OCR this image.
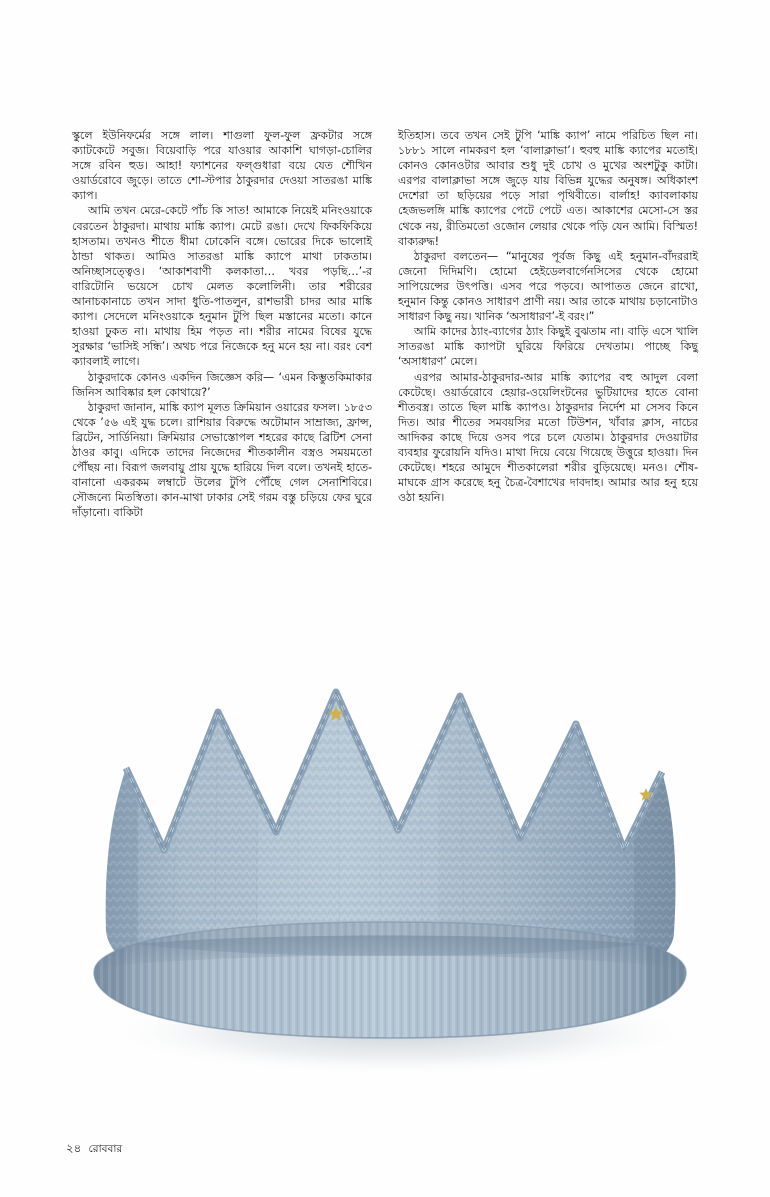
স্কুলে ইউনিফর্মের সঙ্গে লাল। শাগুলা ফুল-ফুল ফ্রকটার সঙ্গে ক্যাটকেটে সবুজ। বিয়েবাড়ি পরে যাওয়ার আকাশি ঘাগড়া-চোলির সঙ্গে রবিন হুড। আহা! ফ্যাশনের ফল্গুধারা বয়ে যেত শৌখিন ওয়ার্ডরোবে জুড়ে। তাতে শো-স্টপার ঠাকুরদার দেওয়া সাতরঙা মাঙ্কি ক্যাপ।

আমি তখন মেরে-কেটে পাঁচ কি সাত! আমাকে নিয়েই মনিংওয়াকে বেরতেন ঠাকুরদা। মাথায় মাঙ্কি ক্যাপ। মেটে রঙা। দেখে ফিকফিকিয়ে হাসতাম। তখনও শীতে ধীমা ঢোকেনি বঙ্গে। ভোরের দিকে ভালোই ঠান্ডা থাকত। আমিও সাতরঙা মাঙ্কি ক্যাপে মাথা ঢাকতাম। অনিচ্ছাসত্ত্বেও। ‘আকাশবাণী কলকাতা… খবর পড়ছি…’-র বারিটোনি ভয়েসে চোখ মেলত কলোলিনী। তার শরীরের আনাচকানাচে তখন সাদা ধুতি-পাতলুন, রাশভারী চাদর আর মাঙ্কি ক্যাপ। সেদেলে মনিংওয়াকে হনুমান টুপি ছিল মস্তানের মতো। কানে হাওয়া ঢুকত না। মাথায় হিম পড়ত না। শরীর নামের বিষের যুদ্ধে সুরক্ষার ‘ভাসিই সন্ধি’। অথচ পরে নিজেকে হনু মনে হয় না। বরং বেশ ক্যাবলাই লাগে।

ঠাকুরদাকে কোনও একদিন জিজ্ঞেস করি— ‘এমন কিম্ভুতকিমাকার জিনিস আবিষ্কার হল কোথায়ে?’

ঠাকুরদা জানান, মাঙ্কি ক্যাপ মূলত ক্রিমিয়ান ওয়ারের ফসল। ১৮৫৩ থেকে ’৫৬ এই যুদ্ধ চলে। রাশিয়ার বিরুদ্ধে অটোমান সাম্রাজ্য, ফ্রান্স, ব্রিটেন, সার্ডিনিয়া। ক্রিমিয়ার সেভাস্তোপল শহরের কাছে ব্রিটিশ সেনা ঠাওর কাবু। এদিকে তাদের নিজেদের শীতকালীন বস্ত্রও সময়মতো পৌঁছয় না। বিরূপ জলবায়ু প্রায় যুদ্ধে হারিয়ে দিল বলে। তখনই হাতে-বানানো একরকম লম্বাটে উলের টুপি পৌঁছে গেল সেনাশিবিরে। সৌজন্যে মিতস্বিতা। কান-মাথা ঢাকার সেই গরম বস্তু চড়িয়ে ফের ঘুরে দাঁড়ানো। বাকিটা

ইতিহাস। তবে তখন সেই টুপি ‘মাঙ্কি ক্যাপ’ নামে পরিচিত ছিল না। ১৮৮১ সালে নামকরণ হল ‘বালাক্লাভা’। হুবহু মাঙ্কি ক্যাপের মতোই। কোনও কোনওটার আবার শুধু দুই চোখ ও মুখের অংশটুকু কাটা। এরপর বালাক্লাভা সঙ্গে জুড়ে যায় বিভিন্ন যুদ্ধের অনুষঙ্গ। অধিকাংশ দেশেরা তা ছড়িয়ের পড়ে সারা পৃথিবীতে। বাৰ্লাহ! ক্যাবলাকায় হেজভলঙ্গি মাঙ্কি ক্যাপের পেটে পেটে এত। আকাশের মেসো-সে স্তর থেকে নয়, রীতিমতো ওজোন লেয়ার থেকে পড়ি যেন আমি। বিস্মিত! বাক্যরুদ্ধ!

ঠাকুরদা বলতেন— “মানুষের পূর্বজ কিছু এই হনুমান-বাঁদররাই জেনো দিদিমণি। হোমো হেইডেলবার্গেনসিসের থেকে হোমো সাপিয়েন্সের উৎপত্তি। এসব পরে পড়বে। আপাতত জেনে রাখো, হনুমান কিন্তু কোনও সাধারণ প্রাণী নয়। আর তাকে মাথায় চড়ানোটাও সাধারণ কিছু নয়। খানিক ‘অসাধারণ’-ই বরং।”

আমি কাদের ঠ্যাং-ব্যাগের ঠ্যাং কিছুই বুঝতাম না। বাড়ি এসে খালি সাতরঙা মাঙ্কি ক্যাপটা ঘুরিয়ে ফিরিয়ে দেখতাম। পাচ্ছে কিছু ‘অসাধারণ’ মেলে।

এরপর আমার-ঠাকুরদার-আর মাঙ্কি ক্যাপের বহু আদুল বেলা কেটেছে। ওয়ার্ডরোবে হেয়ার-ওয়েলিংটনের ভুটিয়াদের হাতে বোনা শীতবস্ত্র। তাতে ছিল মাঙ্কি ক্যাপও। ঠাকুরদার নির্দেশ মা সেসব কিনে দিত। আর শীতের সমবয়সির মতো টিউশন, খাঁবার ক্লাস, নাচের আদিকর কাছে দিয়ে ওসব পরে চলে যেতাম। ঠাকুরদার দেওয়াটার ব্যবহার ফুরোয়নি যদিও। মাথা দিয়ে বেয়ে গিয়েছে উত্তুরে হাওয়া। দিন কেটেছে। শহরে আমুদে শীতকালেরা শরীর বুড়িয়েছে। মনও। শৌষ-মাঘকে গ্রাস করেছে হনু চৈত্র-বৈশাখের দাবদাহ। আমার আর হনু হয়ে ওঠা হয়নি।

২৪ রোববার
